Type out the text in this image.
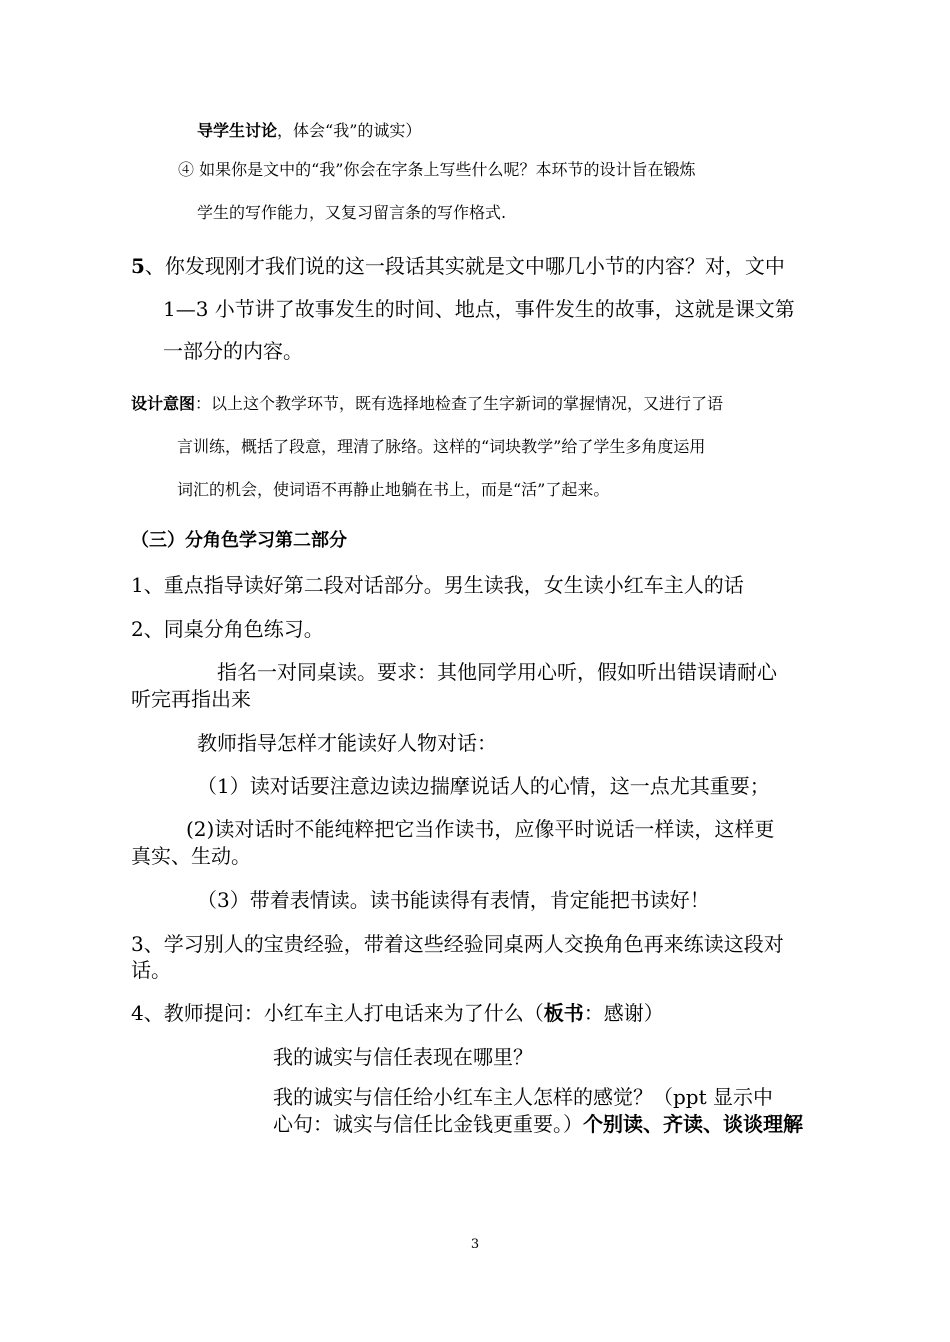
导学生讨论，体会“我”的诚实）
④ 如果你是文中的“我”你会在字条上写些什么呢？本环节的设计旨在锻炼
学生的写作能力，又复习留言条的写作格式.
5、你发现刚才我们说的这一段话其实就是文中哪几小节的内容？对，文中
1—3 小节讲了故事发生的时间、地点，事件发生的故事，这就是课文第
一部分的内容。
设计意图：以上这个教学环节，既有选择地检查了生字新词的掌握情况，又进行了语
言训练，概括了段意，理清了脉络。这样的“词块教学”给了学生多角度运用
词汇的机会，使词语不再静止地躺在书上，而是“活”了起来。
（三）分角色学习第二部分
1、重点指导读好第二段对话部分。男生读我，女生读小红车主人的话
2、同桌分角色练习。
指名一对同桌读。要求：其他同学用心听，假如听出错误请耐心
听完再指出来
教师指导怎样才能读好人物对话：
（1）读对话要注意边读边揣摩说话人的心情，这一点尤其重要；
(2)读对话时不能纯粹把它当作读书，应像平时说话一样读，这样更
真实、生动。
（3）带着表情读。读书能读得有表情，肯定能把书读好！
3、学习别人的宝贵经验，带着这些经验同桌两人交换角色再来练读这段对
话。
4、教师提问：小红车主人打电话来为了什么（板书：感谢）
我的诚实与信任表现在哪里？
我的诚实与信任给小红车主人怎样的感觉？（ppt 显示中
心句：诚实与信任比金钱更重要。）个别读、齐读、谈谈理解
3
